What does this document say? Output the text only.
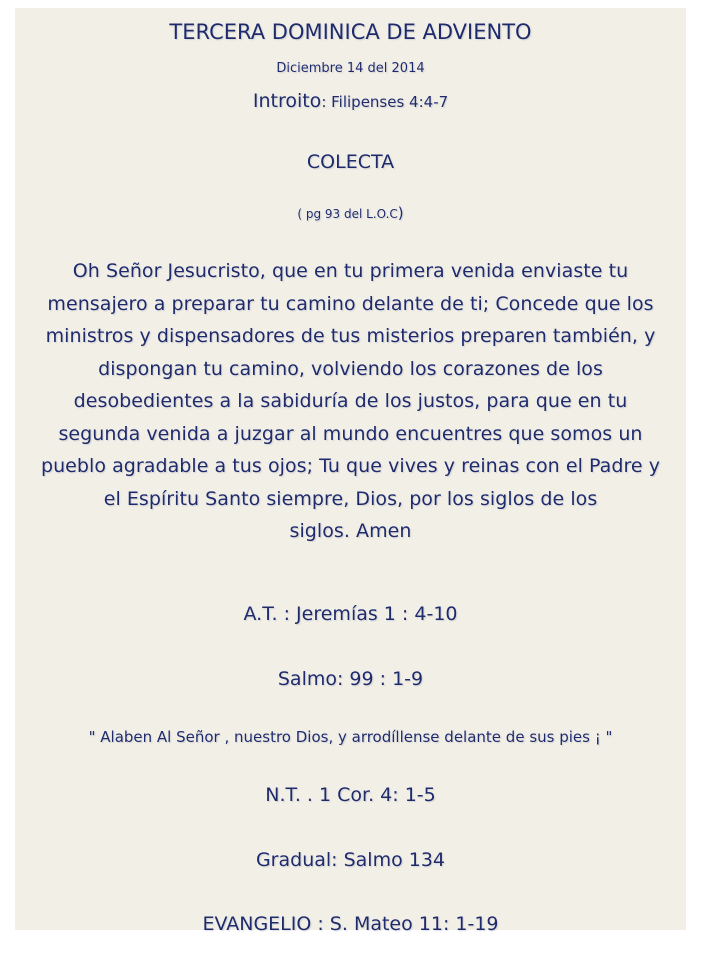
TERCERA DOMINICA DE ADVIENTO
Diciembre 14 del 2014
Introito: Filipenses 4:4-7
COLECTA
( pg 93 del L.O.C)
Oh Señor Jesucristo, que en tu primera venida enviaste tu
mensajero a preparar tu camino delante de ti; Concede que los
ministros y dispensadores de tus misterios preparen también, y
dispongan tu camino, volviendo los corazones de los
desobedientes a la sabiduría de los justos, para que en tu
segunda venida a juzgar al mundo encuentres que somos un
pueblo agradable a tus ojos; Tu que vives y reinas con el Padre y
el Espíritu Santo siempre, Dios, por los siglos de los
siglos. Amen
A.T. : Jeremías 1 : 4-10
Salmo: 99 : 1-9
" Alaben Al Señor , nuestro Dios, y arrodíllense delante de sus pies ¡ "
N.T. . 1 Cor. 4: 1-5
Gradual: Salmo 134
EVANGELIO : S. Mateo 11: 1-19
